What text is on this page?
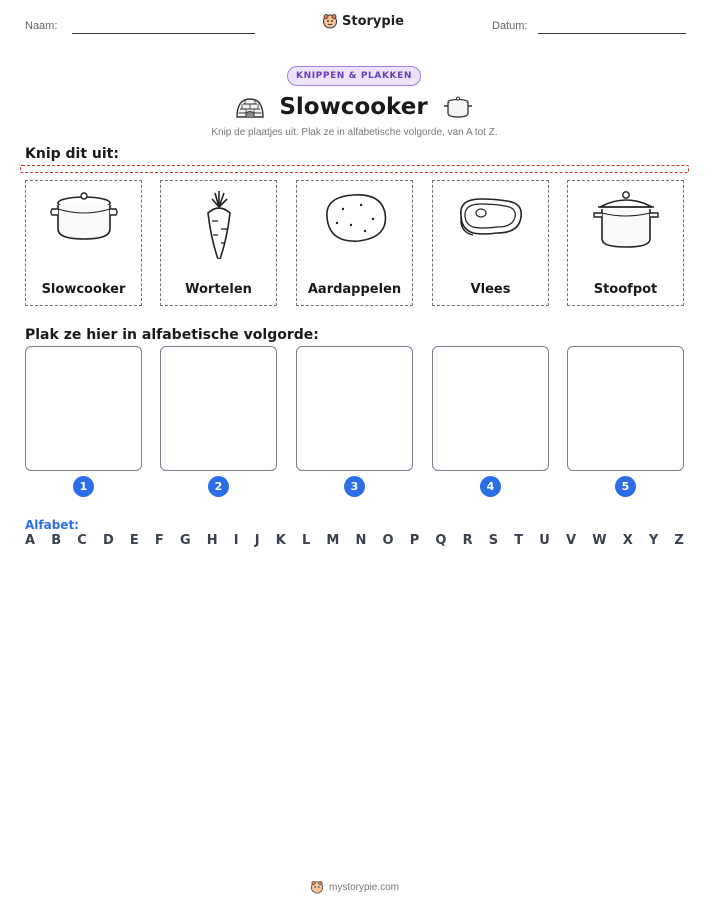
Naam:	Storypie	Datum:
KNIPPEN & PLAKKEN
Slowcooker
Knip de plaatjes uit. Plak ze in alfabetische volgorde, van A tot Z.
Knip dit uit:
Slowcooker	Wortelen	Aardappelen	Vlees	Stoofpot
Plak ze hier in alfabetische volgorde:
1	2	3	4	5
Alfabet:
A B C D E F G H I J K L M N O P Q R S T U V W X Y Z
mystorypie.com
